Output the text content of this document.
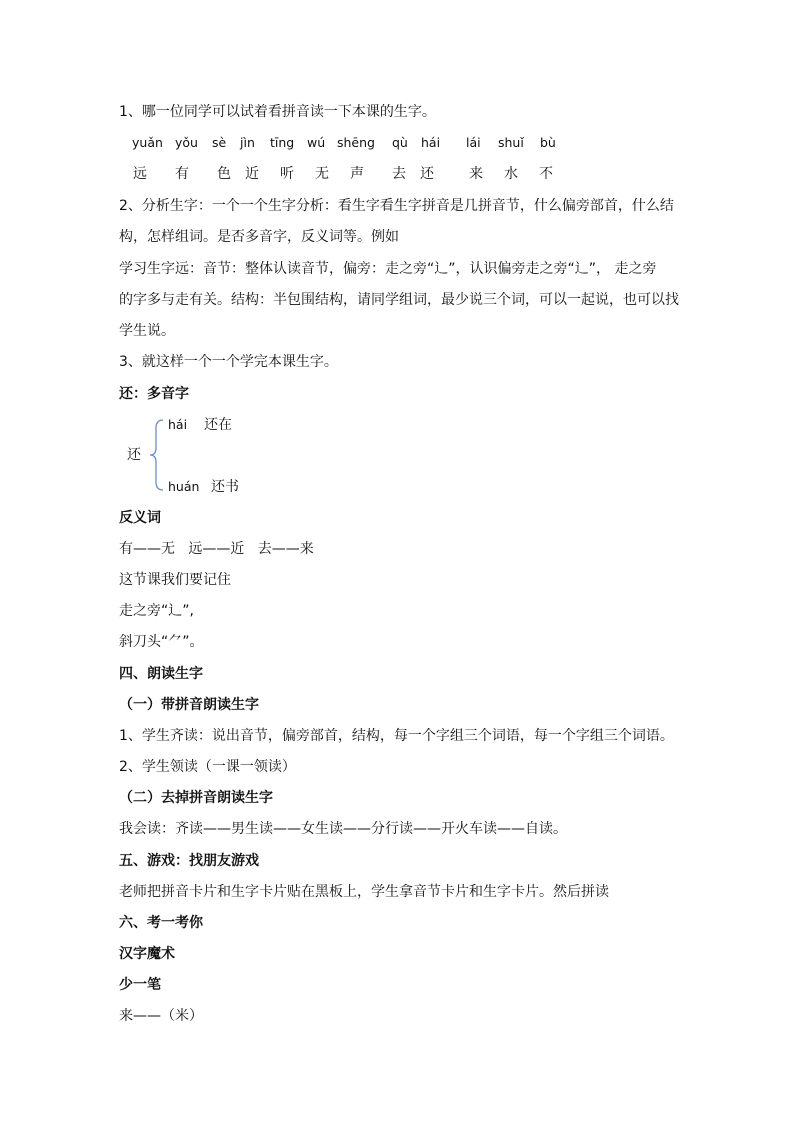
1、哪一位同学可以试着看拼音读一下本课的生字。
yuǎn yǒu sè jìn tīng wú shēng qù hái lái shuǐ bù
远 有 色 近 听 无 声 去 还	来 水 不
2、分析生字：一个一个生字分析：看生字看生字拼音是几拼音节，什么偏旁部首，什么结
构，怎样组词。是否多音字，反义词等。例如
学习生字远：音节：整体认读音节，偏旁：走之旁“辶”，认识偏旁走之旁“辶”， 走之旁
的字多与走有关。结构：半包围结构，请同学组词，最少说三个词，可以一起说，也可以找
学生说。
3、就这样一个一个学完本课生字。
还：多音字
还
hái 还在
huán 还书
反义词
有——无   远——近   去——来
这节课我们要记住
走之旁“辶”,
斜刀头“⺈”。
四、朗读生字
（一）带拼音朗读生字
1、学生齐读：说出音节，偏旁部首，结构，每一个字组三个词语，每一个字组三个词语。
2、学生领读（一课一领读）
（二）去掉拼音朗读生字
我会读：齐读——男生读——女生读——分行读——开火车读——自读。
五、游戏：找朋友游戏
老师把拼音卡片和生字卡片贴在黑板上，学生拿音节卡片和生字卡片。然后拼读
六、考一考你
汉字魔术
少一笔
来——（米）
